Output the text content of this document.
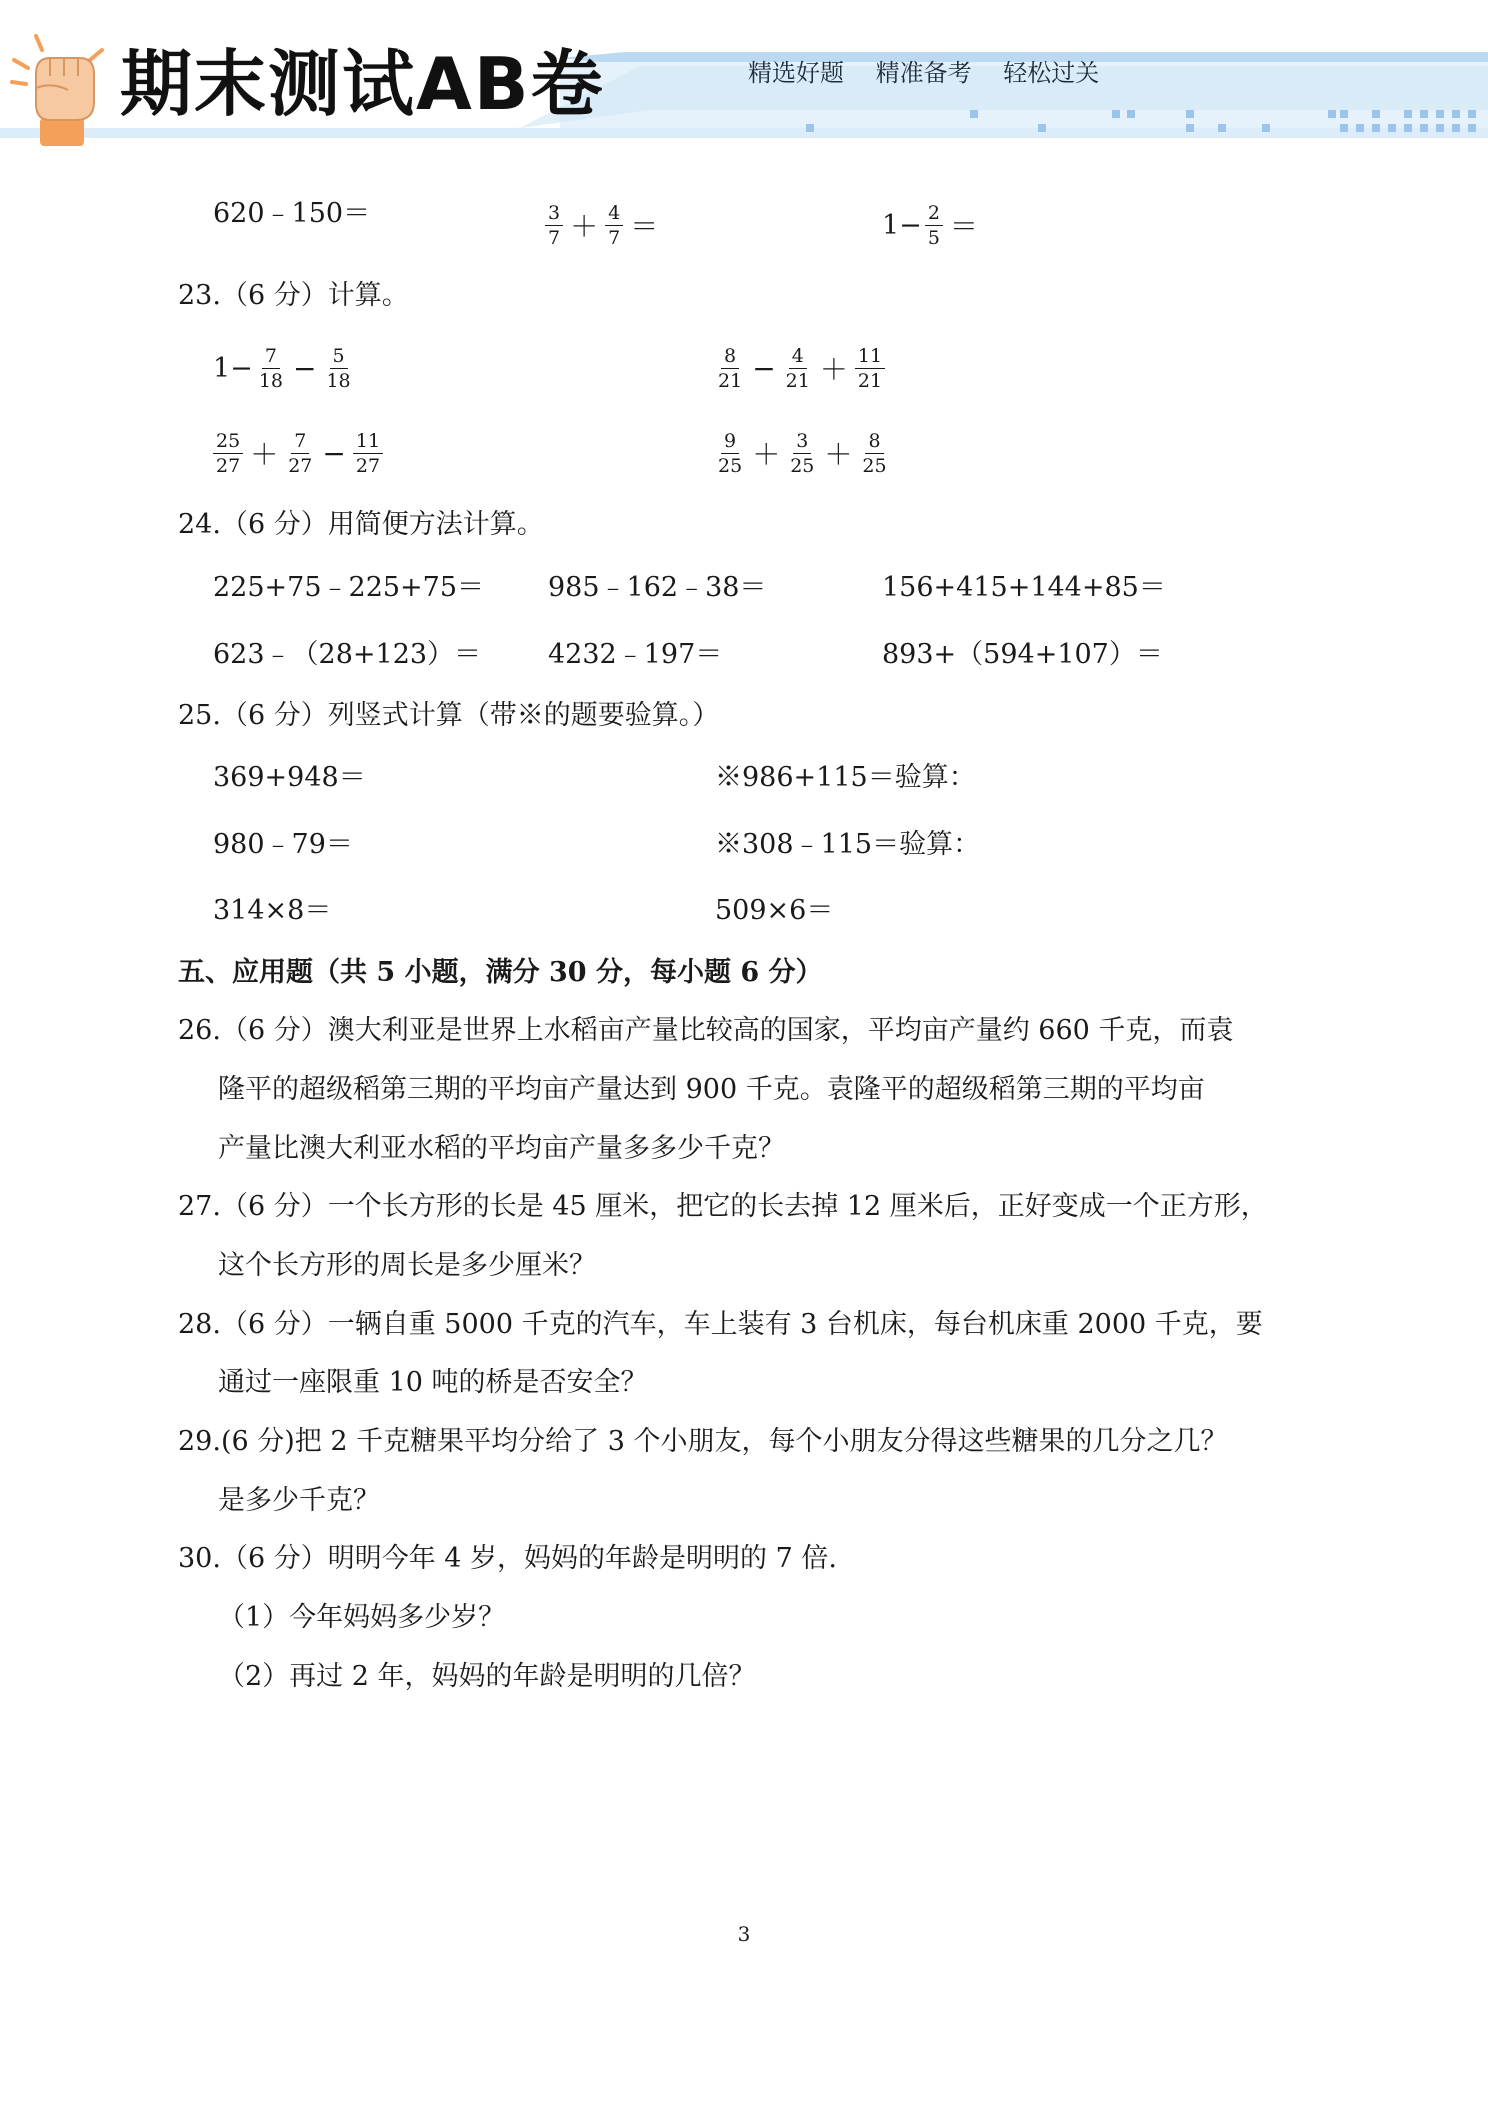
期末测试AB卷	精选好题 精准备考 轻松过关
620﹣150＝	$\frac{3}{7} + \frac{4}{7}$ ＝	$1- \frac{2}{5}$ ＝
23.（6 分）计算。
$1- \frac{7}{18} - \frac{5}{18}$	$\frac{8}{21} - \frac{4}{21} + \frac{11}{21}$
$\frac{25}{27} + \frac{7}{27} - \frac{11}{27}$	$\frac{9}{25} + \frac{3}{25} + \frac{8}{25}$
24.（6 分）用简便方法计算。
225+75﹣225+75＝ 985﹣162﹣38＝	156+415+144+85＝
623﹣（28+123）＝ 4232﹣197＝	893+（594+107）＝
25.（6 分）列竖式计算（带※的题要验算。）
369+948＝	※986+115＝验算：
980﹣79＝	※308﹣115＝验算：
314×8＝	509×6＝
五、应用题（共 5 小题，满分 30 分，每小题 6 分）
26.（6 分）澳大利亚是世界上水稻亩产量比较高的国家，平均亩产量约 660 千克，而袁
隆平的超级稻第三期的平均亩产量达到 900 千克。袁隆平的超级稻第三期的平均亩
产量比澳大利亚水稻的平均亩产量多多少千克？
27.（6 分）一个长方形的长是 45 厘米，把它的长去掉 12 厘米后，正好变成一个正方形，
这个长方形的周长是多少厘米？
28.（6 分）一辆自重 5000 千克的汽车，车上装有 3 台机床，每台机床重 2000 千克，要
通过一座限重 10 吨的桥是否安全？
29.(6 分)把 2 千克糖果平均分给了 3 个小朋友，每个小朋友分得这些糖果的几分之几？
是多少千克？
30.（6 分）明明今年 4 岁，妈妈的年龄是明明的 7 倍.
（1）今年妈妈多少岁？
（2）再过 2 年，妈妈的年龄是明明的几倍？
3
